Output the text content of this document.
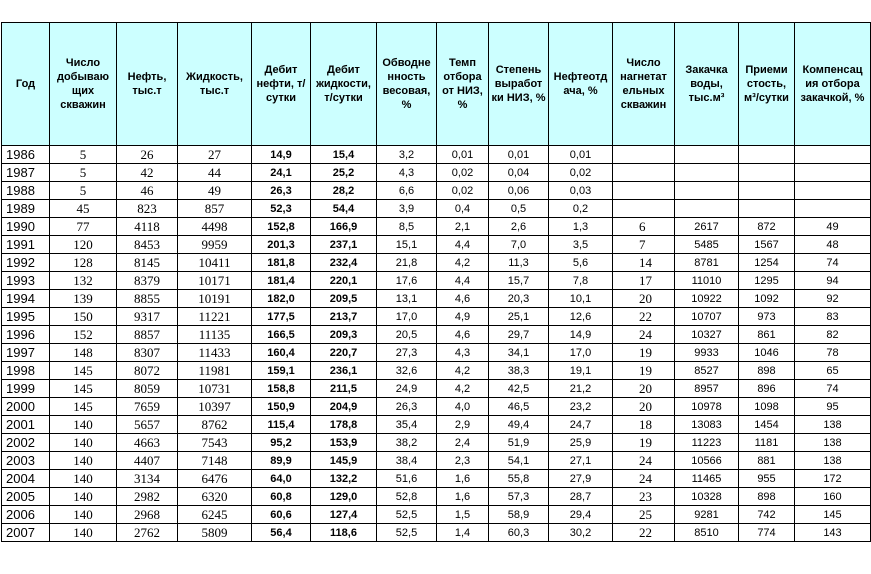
Год	Число добываю щих скважин	Нефть, тыс.т	Жидкость, тыс.т	Дебит нефти, т/сутки	Дебит жидкости, т/сутки	Обводне нность весовая, %	Темп отбора от НИЗ, %	Степень выработ ки НИЗ, %	Нефтеотд ача, %	Число нагнетат ельных скважин	Закачка воды, тыс.м³	Приеми стость, м³/сутки	Компенсац ия отбора закачкой, %
1986	5	26	27	14,9	15,4	3,2	0,01	0,01	0,01				
1987	5	42	44	24,1	25,2	4,3	0,02	0,04	0,02				
1988	5	46	49	26,3	28,2	6,6	0,02	0,06	0,03				
1989	45	823	857	52,3	54,4	3,9	0,4	0,5	0,2				
1990	77	4118	4498	152,8	166,9	8,5	2,1	2,6	1,3	6	2617	872	49
1991	120	8453	9959	201,3	237,1	15,1	4,4	7,0	3,5	7	5485	1567	48
1992	128	8145	10411	181,8	232,4	21,8	4,2	11,3	5,6	14	8781	1254	74
1993	132	8379	10171	181,4	220,1	17,6	4,4	15,7	7,8	17	11010	1295	94
1994	139	8855	10191	182,0	209,5	13,1	4,6	20,3	10,1	20	10922	1092	92
1995	150	9317	11221	177,5	213,7	17,0	4,9	25,1	12,6	22	10707	973	83
1996	152	8857	11135	166,5	209,3	20,5	4,6	29,7	14,9	24	10327	861	82
1997	148	8307	11433	160,4	220,7	27,3	4,3	34,1	17,0	19	9933	1046	78
1998	145	8072	11981	159,1	236,1	32,6	4,2	38,3	19,1	19	8527	898	65
1999	145	8059	10731	158,8	211,5	24,9	4,2	42,5	21,2	20	8957	896	74
2000	145	7659	10397	150,9	204,9	26,3	4,0	46,5	23,2	20	10978	1098	95
2001	140	5657	8762	115,4	178,8	35,4	2,9	49,4	24,7	18	13083	1454	138
2002	140	4663	7543	95,2	153,9	38,2	2,4	51,9	25,9	19	11223	1181	138
2003	140	4407	7148	89,9	145,9	38,4	2,3	54,1	27,1	24	10566	881	138
2004	140	3134	6476	64,0	132,2	51,6	1,6	55,8	27,9	24	11465	955	172
2005	140	2982	6320	60,8	129,0	52,8	1,6	57,3	28,7	23	10328	898	160
2006	140	2968	6245	60,6	127,4	52,5	1,5	58,9	29,4	25	9281	742	145
2007	140	2762	5809	56,4	118,6	52,5	1,4	60,3	30,2	22	8510	774	143
